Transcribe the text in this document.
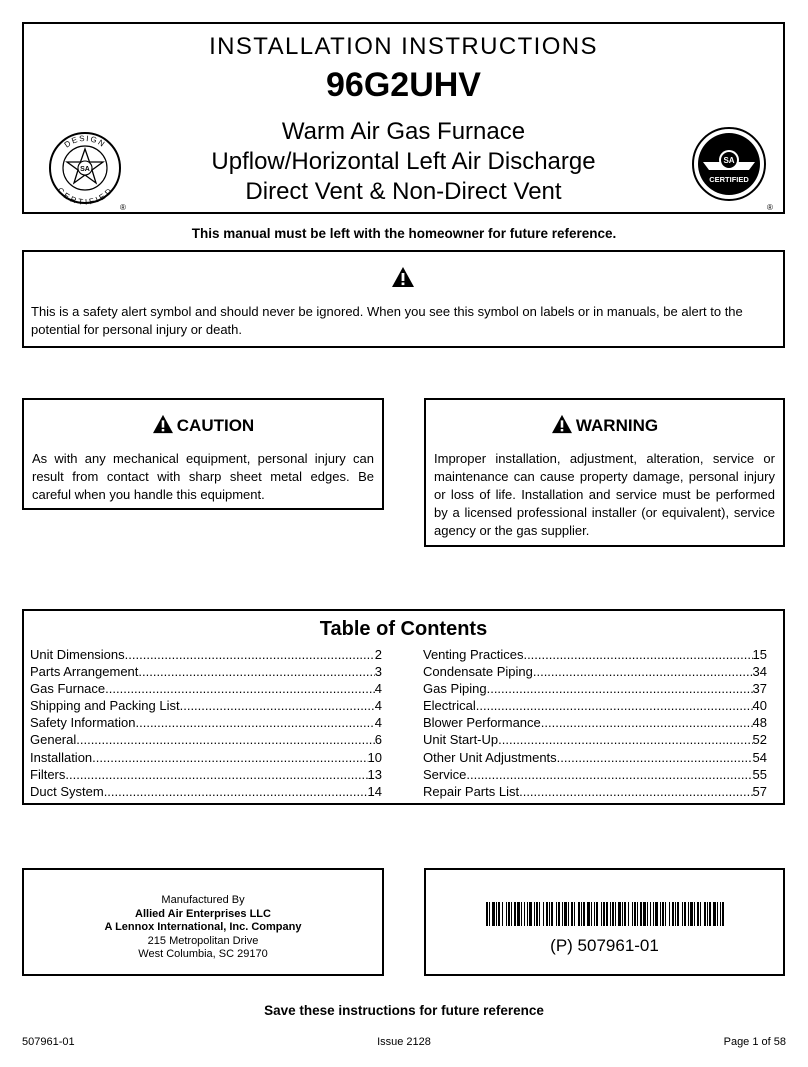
INSTALLATION INSTRUCTIONS
96G2UHV
Warm Air Gas Furnace
Upflow/Horizontal Left Air Discharge
Direct Vent & Non-Direct Vent
SA
DESIGN
CERTIFIED
®
SA
CERTIFIED
®
This manual must be left with the homeowner for future reference.
This is a safety alert symbol and should never be ignored. When you see this symbol on labels or in manuals, be alert to the potential for personal injury or death.
CAUTION
As with any mechanical equipment, personal injury can result from contact with sharp sheet metal edges. Be careful when you handle this equipment.
WARNING
Improper installation, adjustment, alteration, service or maintenance can cause property damage, personal injury or loss of life. Installation and service must be performed by a licensed professional installer (or equivalent), service agency or the gas supplier.
Table of Contents
Unit Dimensions .....	2
Parts Arrangement .....	3
Gas Furnace .....	4
Shipping and Packing List .....	4
Safety Information .....	4
General .....	6
Installation .....	10
Filters .....	13
Duct System .....	14
Venting Practices .....	15
Condensate Piping .....	34
Gas Piping .....	37
Electrical .....	40
Blower Performance .....	48
Unit Start-Up .....	52
Other Unit Adjustments .....	54
Service .....	55
Repair Parts List .....	57
Manufactured By
Allied Air Enterprises LLC
A Lennox International, Inc. Company
215 Metropolitan Drive
West Columbia, SC 29170	(P) 507961-01
Save these instructions for future reference
507961-01	Issue 2128	Page 1 of 58
